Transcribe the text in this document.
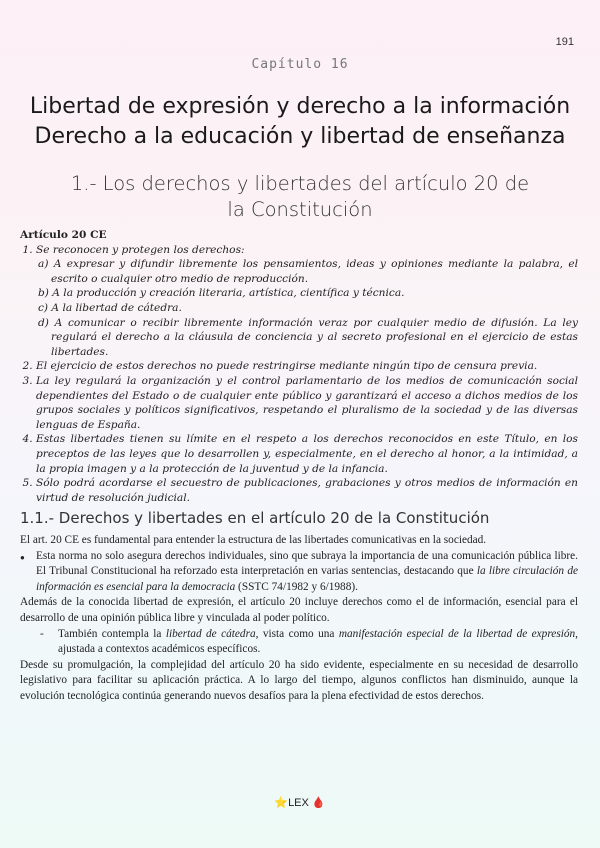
191
Capítulo 16
Libertad de expresión y derecho a la información
Derecho a la educación y libertad de enseñanza
1.- Los derechos y libertades del artículo 20 de la Constitución
Artículo 20 CE
1. Se reconocen y protegen los derechos:
a) A expresar y difundir libremente los pensamientos, ideas y opiniones mediante la palabra, el escrito o cualquier otro medio de reproducción.
b) A la producción y creación literaria, artística, científica y técnica.
c) A la libertad de cátedra.
d) A comunicar o recibir libremente información veraz por cualquier medio de difusión. La ley regulará el derecho a la cláusula de conciencia y al secreto profesional en el ejercicio de estas libertades.
2. El ejercicio de estos derechos no puede restringirse mediante ningún tipo de censura previa.
3. La ley regulará la organización y el control parlamentario de los medios de comunicación social dependientes del Estado o de cualquier ente público y garantizará el acceso a dichos medios de los grupos sociales y políticos significativos, respetando el pluralismo de la sociedad y de las diversas lenguas de España.
4. Estas libertades tienen su límite en el respeto a los derechos reconocidos en este Título, en los preceptos de las leyes que lo desarrollen y, especialmente, en el derecho al honor, a la intimidad, a la propia imagen y a la protección de la juventud y de la infancia.
5. Sólo podrá acordarse el secuestro de publicaciones, grabaciones y otros medios de información en virtud de resolución judicial.
1.1.- Derechos y libertades en el artículo 20 de la Constitución

El art. 20 CE es fundamental para entender la estructura de las libertades comunicativas en la sociedad.

● Esta norma no solo asegura derechos individuales, sino que subraya la importancia de una comunicación pública libre. El Tribunal Constitucional ha reforzado esta interpretación en varias sentencias, destacando que la libre circulación de información es esencial para la democracia (SSTC 74/1982 y 6/1988).

Además de la conocida libertad de expresión, el artículo 20 incluye derechos como el de información, esencial para el desarrollo de una opinión pública libre y vinculada al poder político.

- También contempla la libertad de cátedra, vista como una manifestación especial de la libertad de expresión, ajustada a contextos académicos específicos.

Desde su promulgación, la complejidad del artículo 20 ha sido evidente, especialmente en su necesidad de desarrollo legislativo para facilitar su aplicación práctica. A lo largo del tiempo, algunos conflictos han disminuido, aunque la evolución tecnológica continúa generando nuevos desafíos para la plena efectividad de estos derechos.

⭐LEX 🩸
